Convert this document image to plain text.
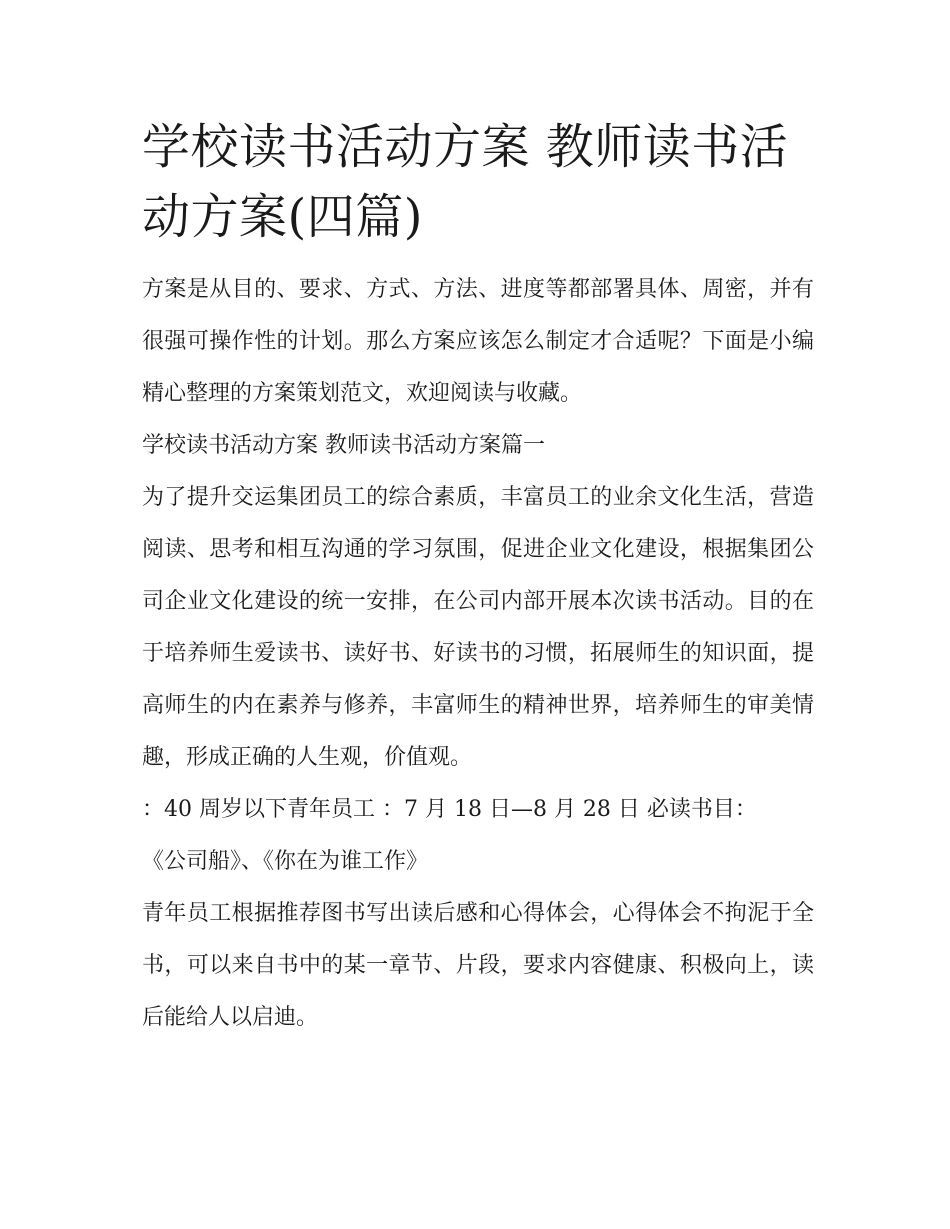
学校读书活动方案 教师读书活动方案(四篇)

方案是从目的、要求、方式、方法、进度等都部署具体、周密，并有很强可操作性的计划。那么方案应该怎么制定才合适呢？下面是小编精心整理的方案策划范文，欢迎阅读与收藏。

学校读书活动方案 教师读书活动方案篇一

为了提升交运集团员工的综合素质，丰富员工的业余文化生活，营造阅读、思考和相互沟通的学习氛围，促进企业文化建设，根据集团公司企业文化建设的统一安排，在公司内部开展本次读书活动。目的在于培养师生爱读书、读好书、好读书的习惯，拓展师生的知识面，提高师生的内在素养与修养，丰富师生的精神世界，培养师生的审美情趣，形成正确的人生观，价值观。

：40 周岁以下青年员工 ：7 月 18 日—8 月 28 日 必读书目：

《公司船》、《你在为谁工作》

青年员工根据推荐图书写出读后感和心得体会，心得体会不拘泥于全书，可以来自书中的某一章节、片段，要求内容健康、积极向上，读后能给人以启迪。
